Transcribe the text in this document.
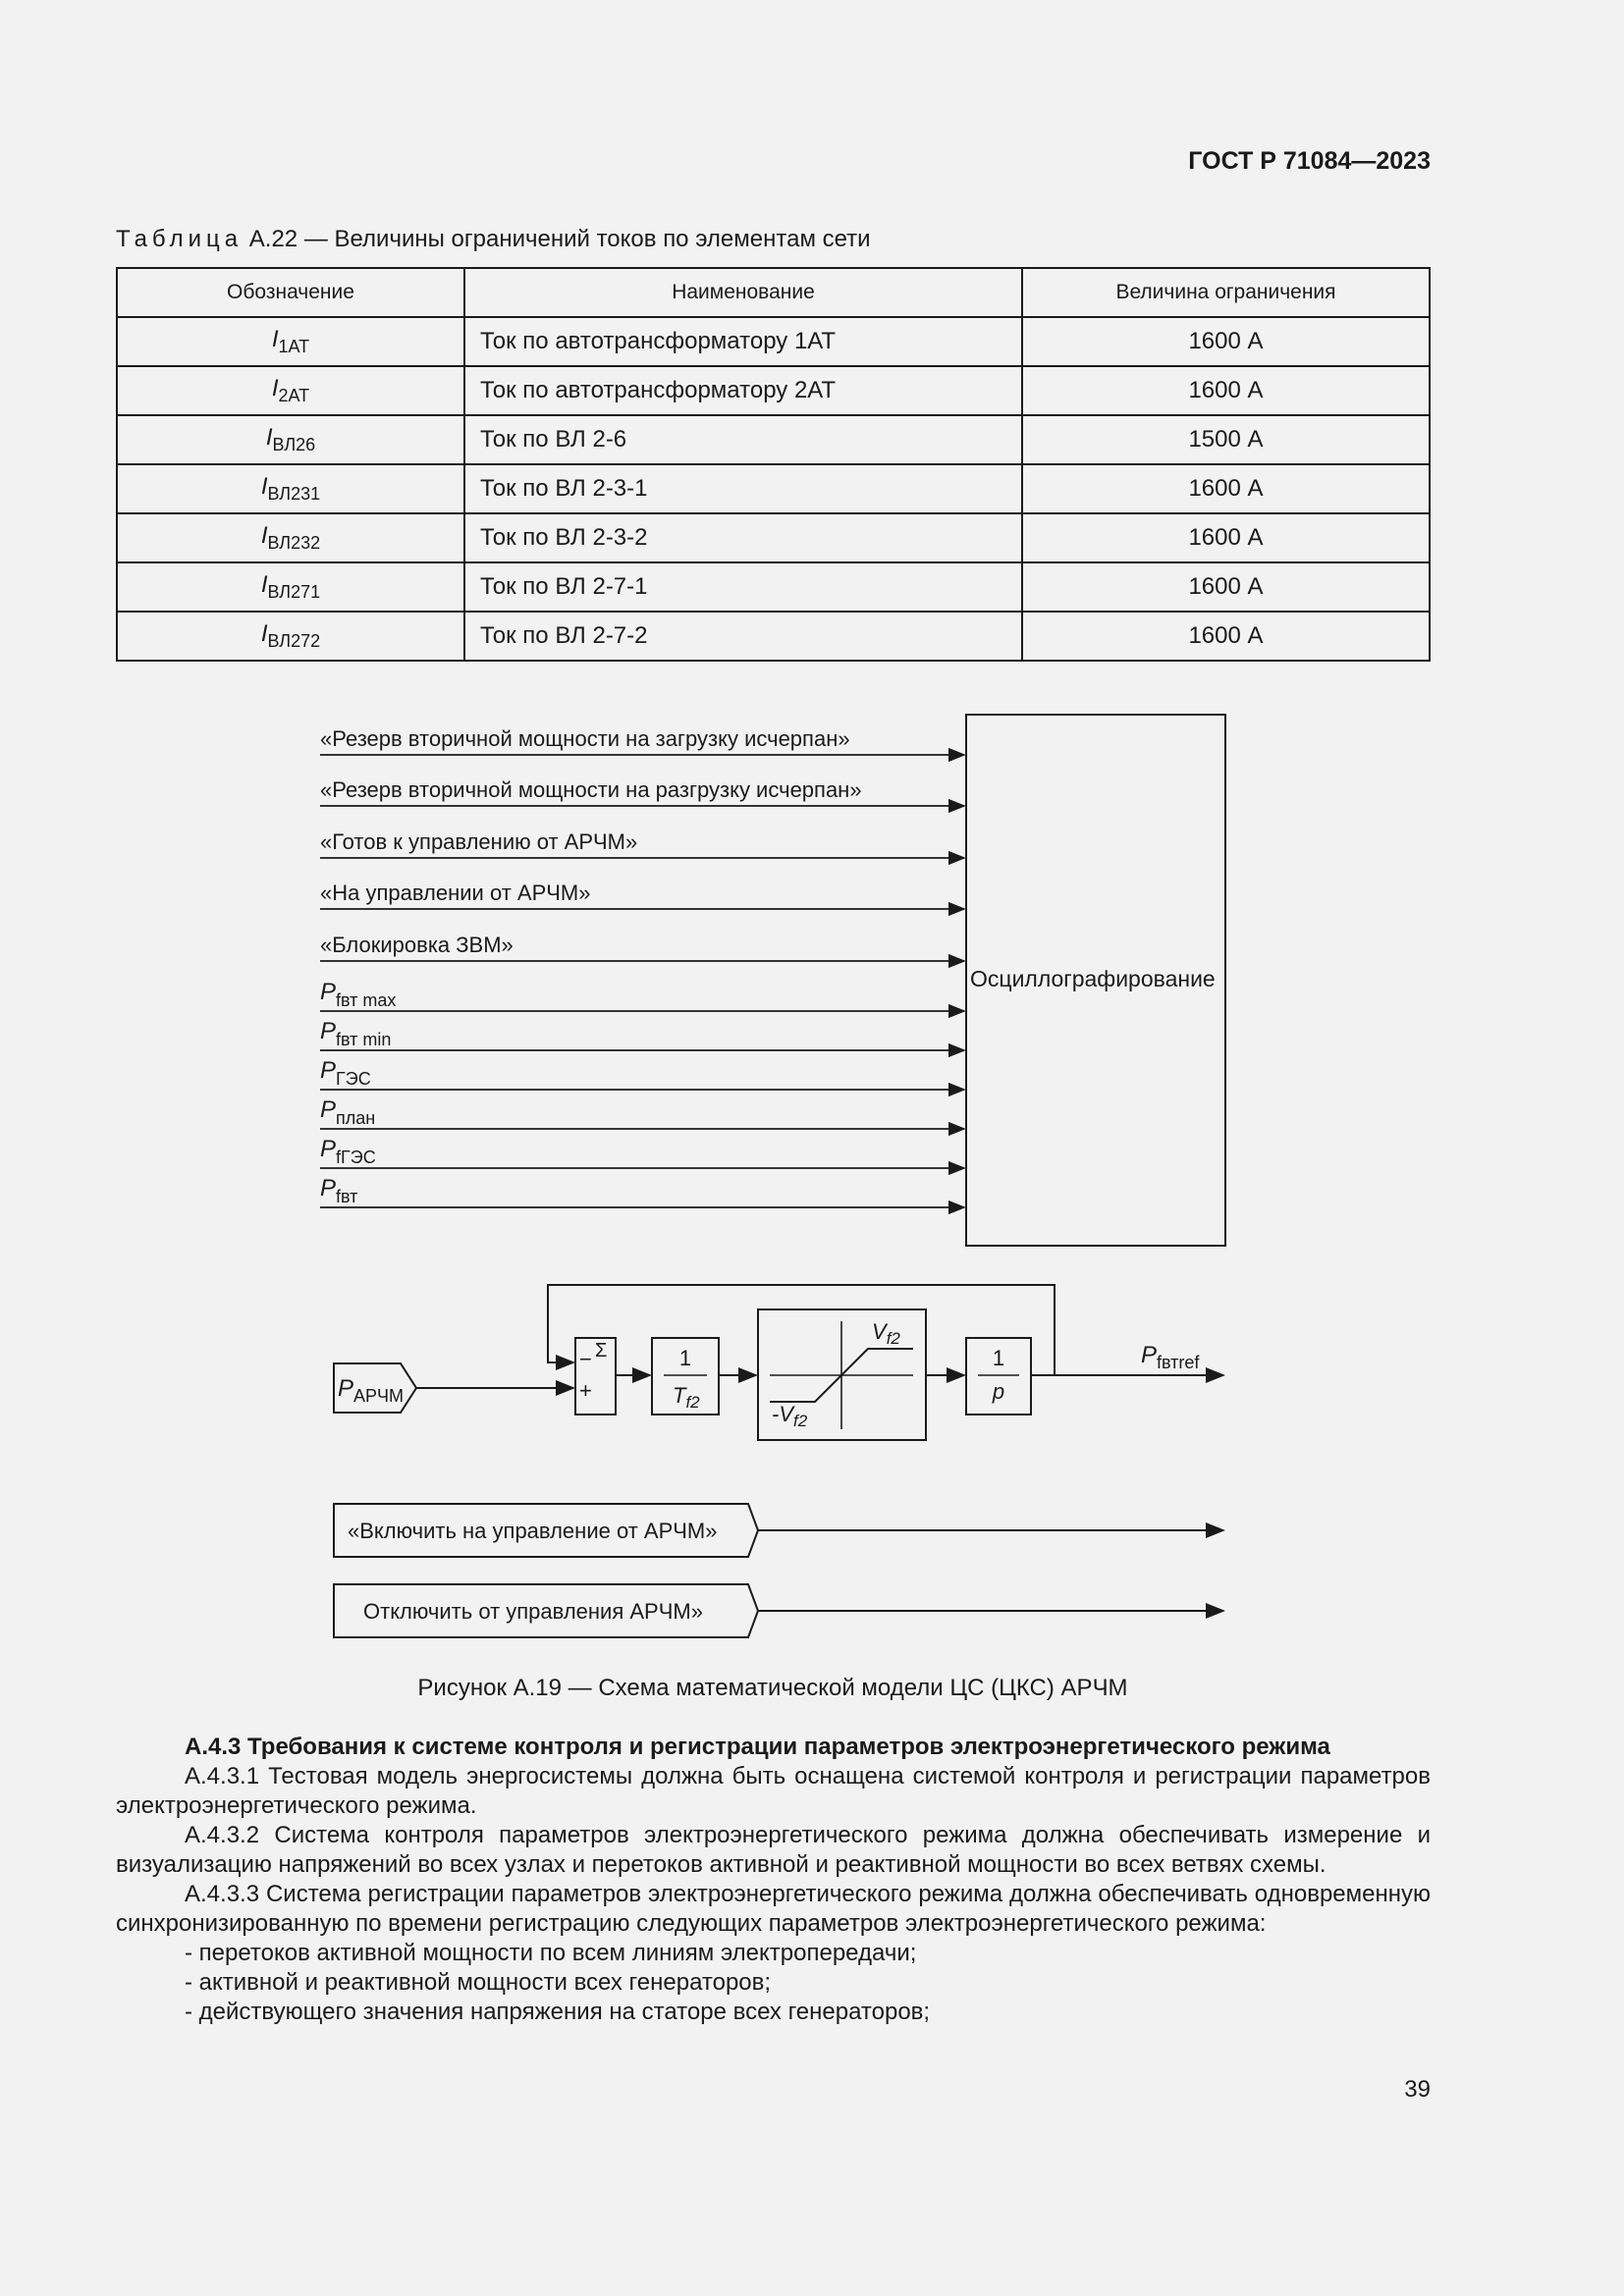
ГОСТ Р 71084—2023
Таблица А.22 — Величины ограничений токов по элементам сети
Обозначение	Наименование	Величина ограничения
$I_{1АТ}$	Ток по автотрансформатору 1АТ	1600 А
$I_{2АТ}$	Ток по автотрансформатору 2АТ	1600 А
$I_{ВЛ26}$	Ток по ВЛ 2-6	1500 А
$I_{ВЛ231}$	Ток по ВЛ 2-3-1	1600 А
$I_{ВЛ232}$	Ток по ВЛ 2-3-2	1600 А
$I_{ВЛ271}$	Ток по ВЛ 2-7-1	1600 А
$I_{ВЛ272}$	Ток по ВЛ 2-7-2	1600 А
Осциллографирование
«Резерв вторичной мощности на загрузку исчерпан»
«Резерв вторичной мощности на разгрузку исчерпан»
«Готов к управлению от АРЧМ»
«На управлении от АРЧМ»
«Блокировка ЗВМ»
$P_{fвт max}$
$P_{fвт min}$
$P_{ГЭС}$
$P_{план}$
$P_{fГЭС}$
$P_{fвт}$
$P_{АРЧМ}$
Σ
−
+
1
$T_{f2}$
$V_{f2}$
$-V_{f2}$
1
p
$P_{fвтref}$
«Включить на управление от АРЧМ»
Отключить от управления АРЧМ»
Рисунок А.19 — Схема математической модели ЦС (ЦКС) АРЧМ

А.4.3 Требования к системе контроля и регистрации параметров электроэнергетического режима

А.4.3.1 Тестовая модель энергосистемы должна быть оснащена системой контроля и регистрации параметров электроэнергетического режима.

А.4.3.2 Система контроля параметров электроэнергетического режима должна обеспечивать измерение и визуализацию напряжений во всех узлах и перетоков активной и реактивной мощности во всех ветвях схемы.

А.4.3.3 Система регистрации параметров электроэнергетического режима должна обеспечивать одновременную синхронизированную по времени регистрацию следующих параметров электроэнергетического режима:

- перетоков активной мощности по всем линиям электропередачи;

- активной и реактивной мощности всех генераторов;

- действующего значения напряжения на статоре всех генераторов;

39
